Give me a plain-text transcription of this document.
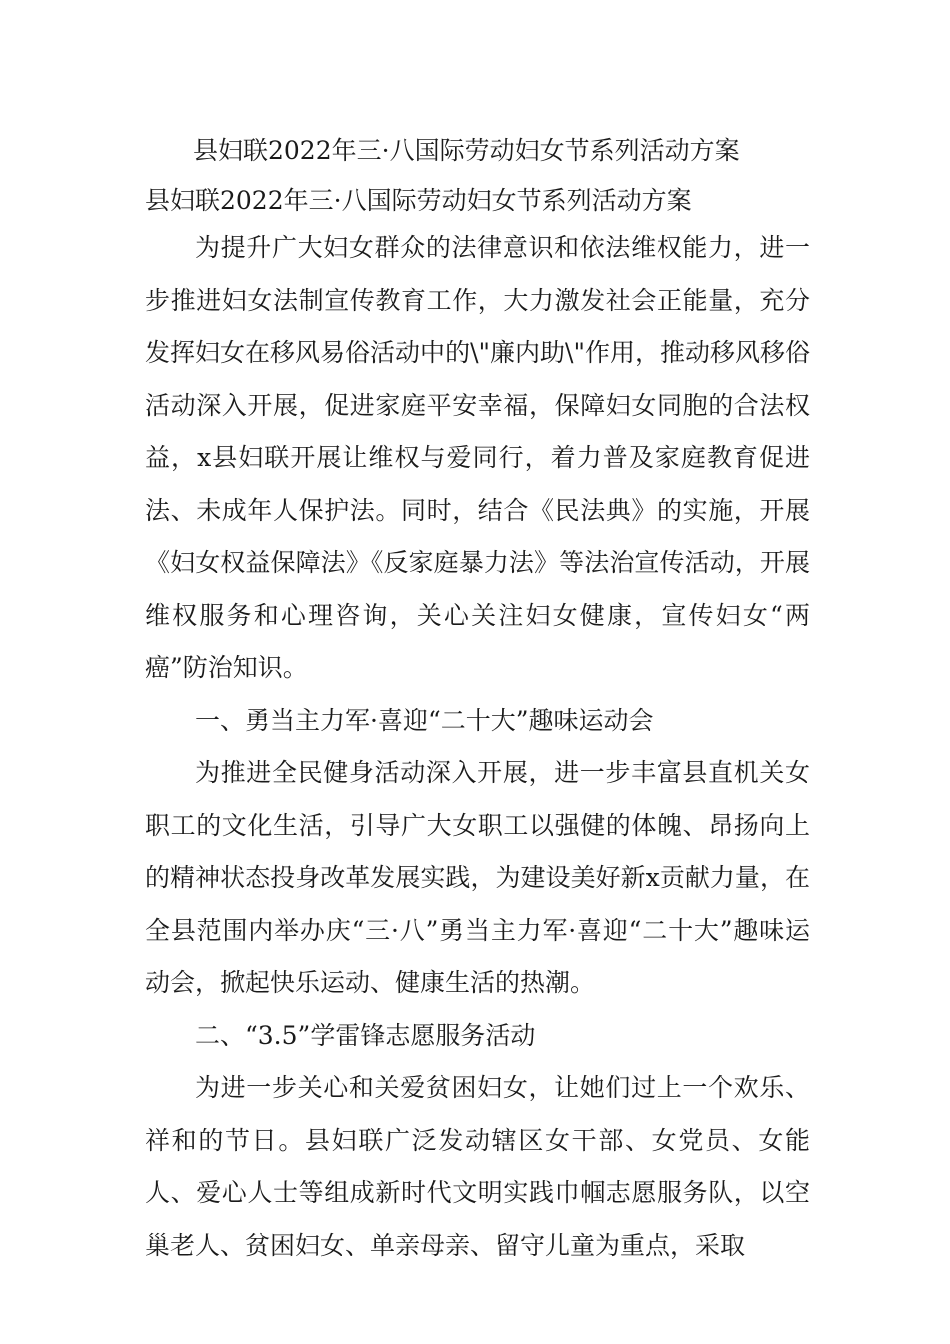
县妇联2022年三·八国际劳动妇女节系列活动方案
县妇联2022年三·八国际劳动妇女节系列活动方案

为提升广大妇女群众的法律意识和依法维权能力，进一步推进妇女法制宣传教育工作，大力激发社会正能量，充分发挥妇女在移风易俗活动中的\"廉内助\"作用，推动移风移俗活动深入开展，促进家庭平安幸福，保障妇女同胞的合法权益，x县妇联开展让维权与爱同行，着力普及家庭教育促进法、未成年人保护法。同时，结合《民法典》的实施，开展《妇女权益保障法》《反家庭暴力法》等法治宣传活动，开展维权服务和心理咨询，关心关注妇女健康，宣传妇女“两癌”防治知识。

一、勇当主力军·喜迎“二十大”趣味运动会

为推进全民健身活动深入开展，进一步丰富县直机关女职工的文化生活，引导广大女职工以强健的体魄、昂扬向上的精神状态投身改革发展实践，为建设美好新x贡献力量，在全县范围内举办庆“三·八”勇当主力军·喜迎“二十大”趣味运动会，掀起快乐运动、健康生活的热潮。

二、“3.5”学雷锋志愿服务活动

为进一步关心和关爱贫困妇女，让她们过上一个欢乐、祥和的节日。县妇联广泛发动辖区女干部、女党员、女能人、爱心人士等组成新时代文明实践巾帼志愿服务队，以空巢老人、贫困妇女、单亲母亲、留守儿童为重点，采取
